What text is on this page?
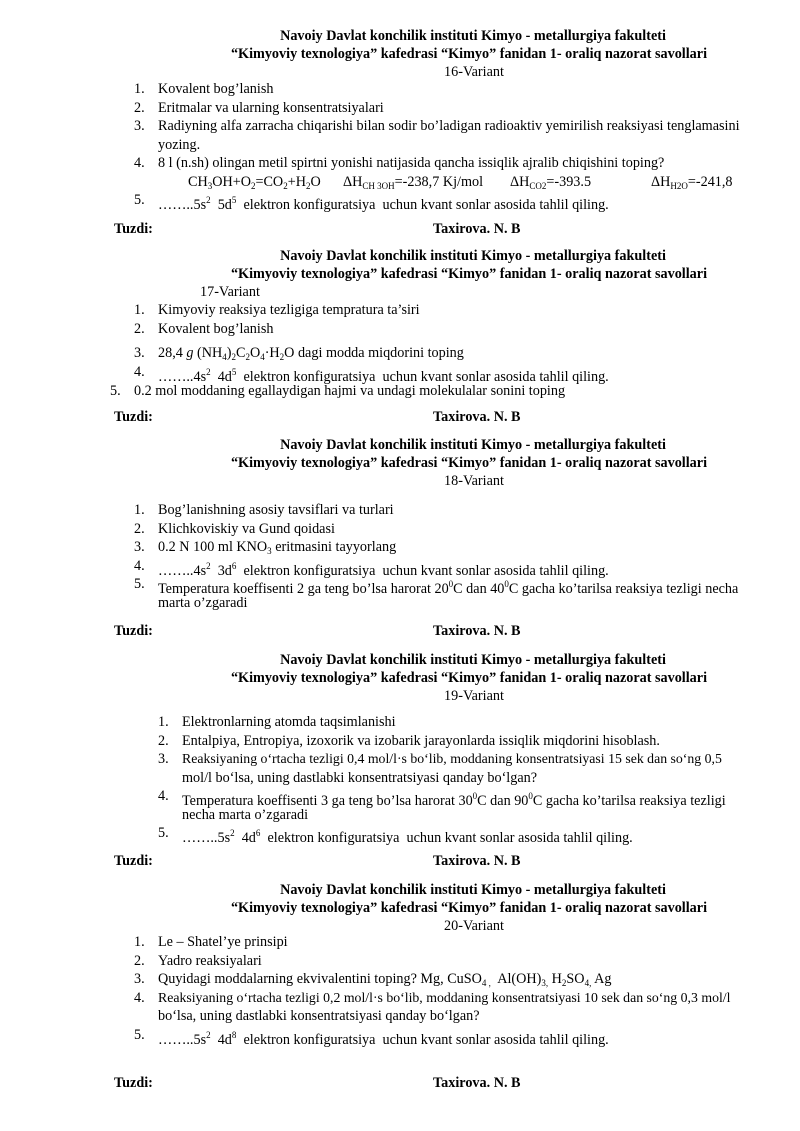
Navoiy Davlat konchilik instituti Kimyo - metallurgiya fakulteti
“Kimyoviy texnologiya” kafedrasi “Kimyo” fanidan 1- oraliq nazorat savollari
16-Variant
1. Kovalent bog’lanish

2. Eritmalar va ularning konsentratsiyalari

3. Radiyning alfa zarracha chiqarishi bilan sodir bo’ladigan radioaktiv yemirilish reaksiyasi tenglamasini

yozing.

4. 8 l (n.sh) olingan metil spirtni yonishi natijasida qancha issiqlik ajralib chiqishini toping?

$CH_3OH+O_2=CO_2+H_2O$ $\Delta H_{CH 3OH}=-238,7$ Kj/mol $\Delta H_{CO2}=-393.5$	$\Delta H_{H2O}=-241,8$

5. $\dots\dots..5s^2$  $5d^5$  elektron konfiguratsiya  uchun kvant sonlar asosida tahlil qiling.

Tuzdi:	Taxirova. N. B
Navoiy Davlat konchilik instituti Kimyo - metallurgiya fakulteti
“Kimyoviy texnologiya” kafedrasi “Kimyo” fanidan 1- oraliq nazorat savollari
17-Variant
1. Kimyoviy reaksiya tezligiga tempratura ta’siri

2. Kovalent bog’lanish

3. 28,4 g $(NH_4)_2C_2O_4\cdot H_2O$ dagi modda miqdorini toping

4. $\dots\dots..4s^2$  $4d^5$  elektron konfiguratsiya  uchun kvant sonlar asosida tahlil qiling.

5. 0.2 mol moddaning egallaydigan hajmi va undagi molekulalar sonini toping

Tuzdi:	Taxirova. N. B
Navoiy Davlat konchilik instituti Kimyo - metallurgiya fakulteti
“Kimyoviy texnologiya” kafedrasi “Kimyo” fanidan 1- oraliq nazorat savollari
18-Variant
1. Bog’lanishning asosiy tavsiflari va turlari

2. Klichkoviskiy va Gund qoidasi

3. 0.2 N 100 ml $KNO_3$ eritmasini tayyorlang

4. $\dots\dots..4s^2$  $3d^6$  elektron konfiguratsiya  uchun kvant sonlar asosida tahlil qiling.

5. Temperatura koeffisenti 2 ga teng bo’lsa harorat $20^0C$ dan $40^0C$ gacha ko’tarilsa reaksiya tezligi necha

marta o’zgaradi

Tuzdi:	Taxirova. N. B
Navoiy Davlat konchilik instituti Kimyo - metallurgiya fakulteti
“Kimyoviy texnologiya” kafedrasi “Kimyo” fanidan 1- oraliq nazorat savollari
19-Variant
1. Elektronlarning atomda taqsimlanishi

2. Entalpiya, Entropiya, izoxorik va izobarik jarayonlarda issiqlik miqdorini hisoblash.

3. Reaksiyaning o‘rtacha tezligi 0,4 mol/l·s bo‘lib, moddaning konsentratsiyasi 15 sek dan so‘ng 0,5

mol/l bo‘lsa, uning dastlabki konsentratsiyasi qanday bo‘lgan?

4. Temperatura koeffisenti 3 ga teng bo’lsa harorat $30^0C$ dan $90^0C$ gacha ko’tarilsa reaksiya tezligi

necha marta o’zgaradi

5. $\dots\dots..5s^2$  $4d^6$  elektron konfiguratsiya  uchun kvant sonlar asosida tahlil qiling.

Tuzdi:	Taxirova. N. B
Navoiy Davlat konchilik instituti Kimyo - metallurgiya fakulteti
“Kimyoviy texnologiya” kafedrasi “Kimyo” fanidan 1- oraliq nazorat savollari
20-Variant
1. Le – Shatel’ye prinsipi

2. Yadro reaksiyalari

3. Quyidagi moddalarning ekvivalentini toping? Mg, CuSO$_{4 ,}$  $Al(OH)_{3,}$ $H_2SO_{4,}$ Ag

4. Reaksiyaning o‘rtacha tezligi 0,2 mol/l·s bo‘lib, moddaning konsentratsiyasi 10 sek dan so‘ng 0,3 mol/l

bo‘lsa, uning dastlabki konsentratsiyasi qanday bo‘lgan?

5. $\dots\dots..5s^2$  $4d^8$  elektron konfiguratsiya  uchun kvant sonlar asosida tahlil qiling.

Tuzdi:	Taxirova. N. B
